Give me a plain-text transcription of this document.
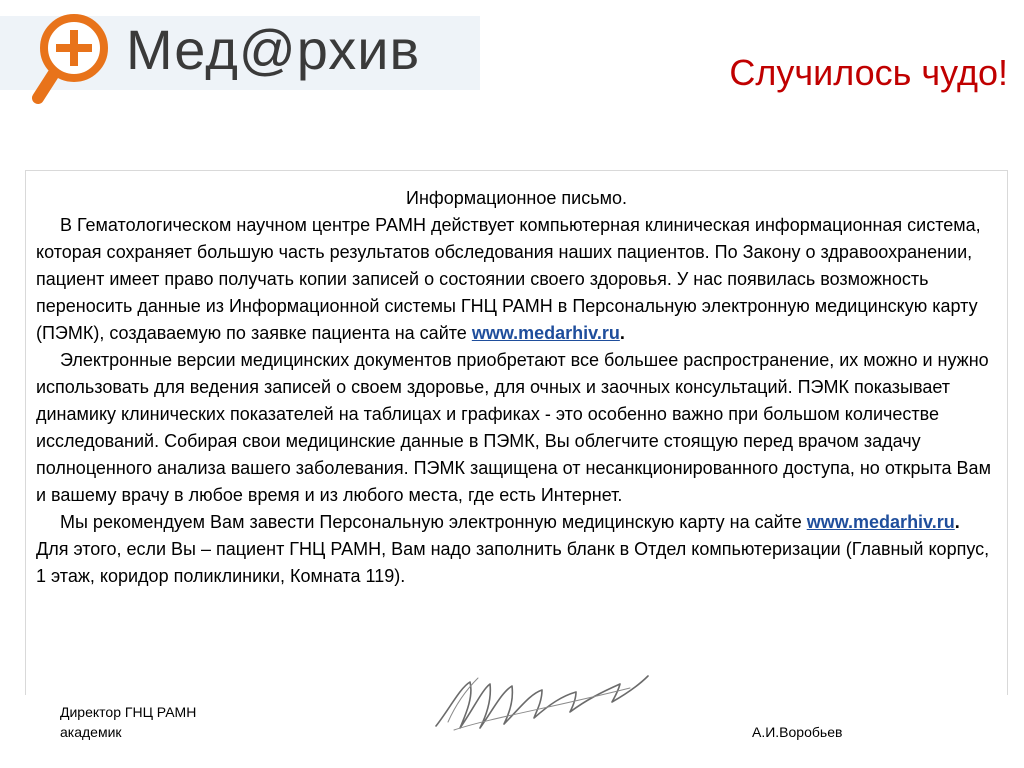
Мед@рхив	Случилось чудо!

Информационное письмо.

В Гематологическом научном центре РАМН действует компьютерная клиническая информационная система, которая сохраняет большую часть результатов обследования наших пациентов. По Закону о здравоохранении, пациент имеет право получать копии записей о состоянии своего здоровья. У нас появилась возможность переносить данные из Информационной системы ГНЦ РАМН в Персональную электронную медицинскую карту (ПЭМК), создаваемую по заявке пациента на сайте www.medarhiv.ru.

Электронные версии медицинских документов приобретают все большее распространение, их можно и нужно использовать для ведения записей о своем здоровье, для очных и заочных консультаций. ПЭМК показывает динамику клинических показателей на таблицах и графиках - это особенно важно при большом количестве исследований. Собирая свои медицинские данные в ПЭМК, Вы облегчите стоящую перед врачом задачу полноценного анализа вашего заболевания. ПЭМК защищена от несанкционированного доступа, но открыта Вам и вашему врачу в любое время и из любого места, где есть Интернет.

Мы рекомендуем Вам завести Персональную электронную медицинскую карту на сайте www.medarhiv.ru. Для этого, если Вы – пациент ГНЦ РАМН, Вам надо заполнить бланк в Отдел компьютеризации (Главный корпус, 1 этаж, коридор поликлиники, Комната 119).

Директор ГНЦ РАМН
академик	А.И.Воробьев
